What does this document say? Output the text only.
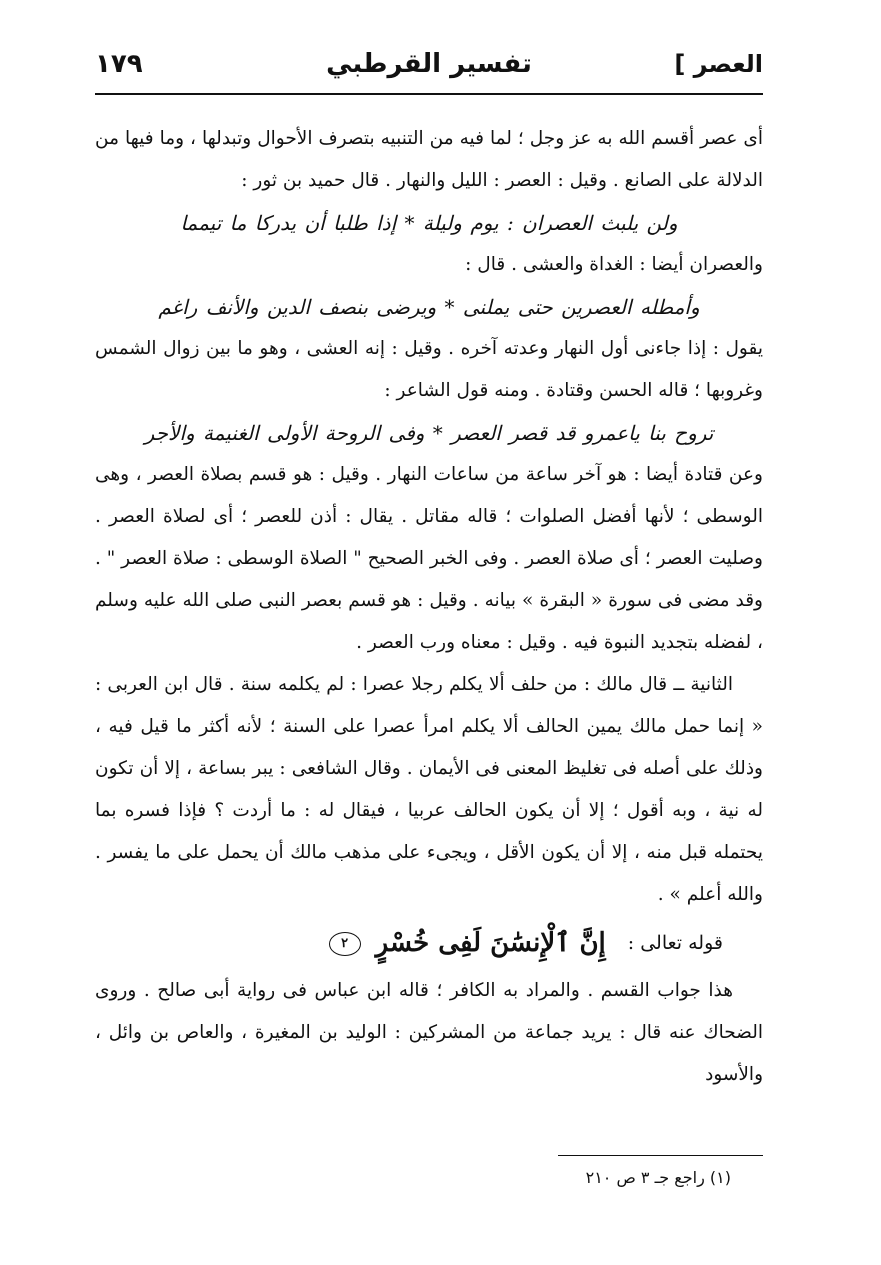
العصر ]
تفسير القرطبي
١٧٩

أى عصر أقسم الله به عز وجل ؛ لما فيه من التنبيه بتصرف الأحوال وتبدلها ، وما فيها من الدلالة على الصانع . وقيل : العصر : الليل والنهار . قال حميد بن ثور :

ولن يلبث العصران : يوم وليلة * إذا طلبا أن يدركا ما تيمما

والعصران أيضا : الغداة والعشى . قال :

وأمطله العصرين حتى يملنى * ويرضى بنصف الدين والأنف راغم

يقول : إذا جاءنى أول النهار وعدته آخره . وقيل : إنه العشى ، وهو ما بين زوال الشمس وغروبها ؛ قاله الحسن وقتادة . ومنه قول الشاعر :

تروح بنا ياعمرو قد قصر العصر * وفى الروحة الأولى الغنيمة والأجر

وعن قتادة أيضا : هو آخر ساعة من ساعات النهار . وقيل : هو قسم بصلاة العصر ، وهى الوسطى ؛ لأنها أفضل الصلوات ؛ قاله مقاتل . يقال : أذن للعصر ؛ أى لصلاة العصر . وصليت العصر ؛ أى صلاة العصر . وفى الخبر الصحيح " الصلاة الوسطى : صلاة العصر " . وقد مضى فى سورة « البقرة » بيانه . وقيل : هو قسم بعصر النبى صلى الله عليه وسلم ، لفضله بتجديد النبوة فيه . وقيل : معناه ورب العصر .

الثانية ــ قال مالك : من حلف ألا يكلم رجلا عصرا : لم يكلمه سنة . قال ابن العربى : « إنما حمل مالك يمين الحالف ألا يكلم امرأ عصرا على السنة ؛ لأنه أكثر ما قيل فيه ، وذلك على أصله فى تغليظ المعنى فى الأيمان . وقال الشافعى : يبر بساعة ، إلا أن تكون له نية ، وبه أقول ؛ إلا أن يكون الحالف عربيا ، فيقال له : ما أردت ؟ فإذا فسره بما يحتمله قبل منه ، إلا أن يكون الأقل ، ويجىء على مذهب مالك أن يحمل على ما يفسر . والله أعلم » .

قوله تعالى :
إِنَّ ٱلْإِنسَٰنَ لَفِى خُسْرٍ ٢

هذا جواب القسم . والمراد به الكافر ؛ قاله ابن عباس فى رواية أبى صالح . وروى الضحاك عنه قال : يريد جماعة من المشركين : الوليد بن المغيرة ، والعاص بن وائل ، والأسود

(١) راجع جـ ٣ ص ٢١٠
